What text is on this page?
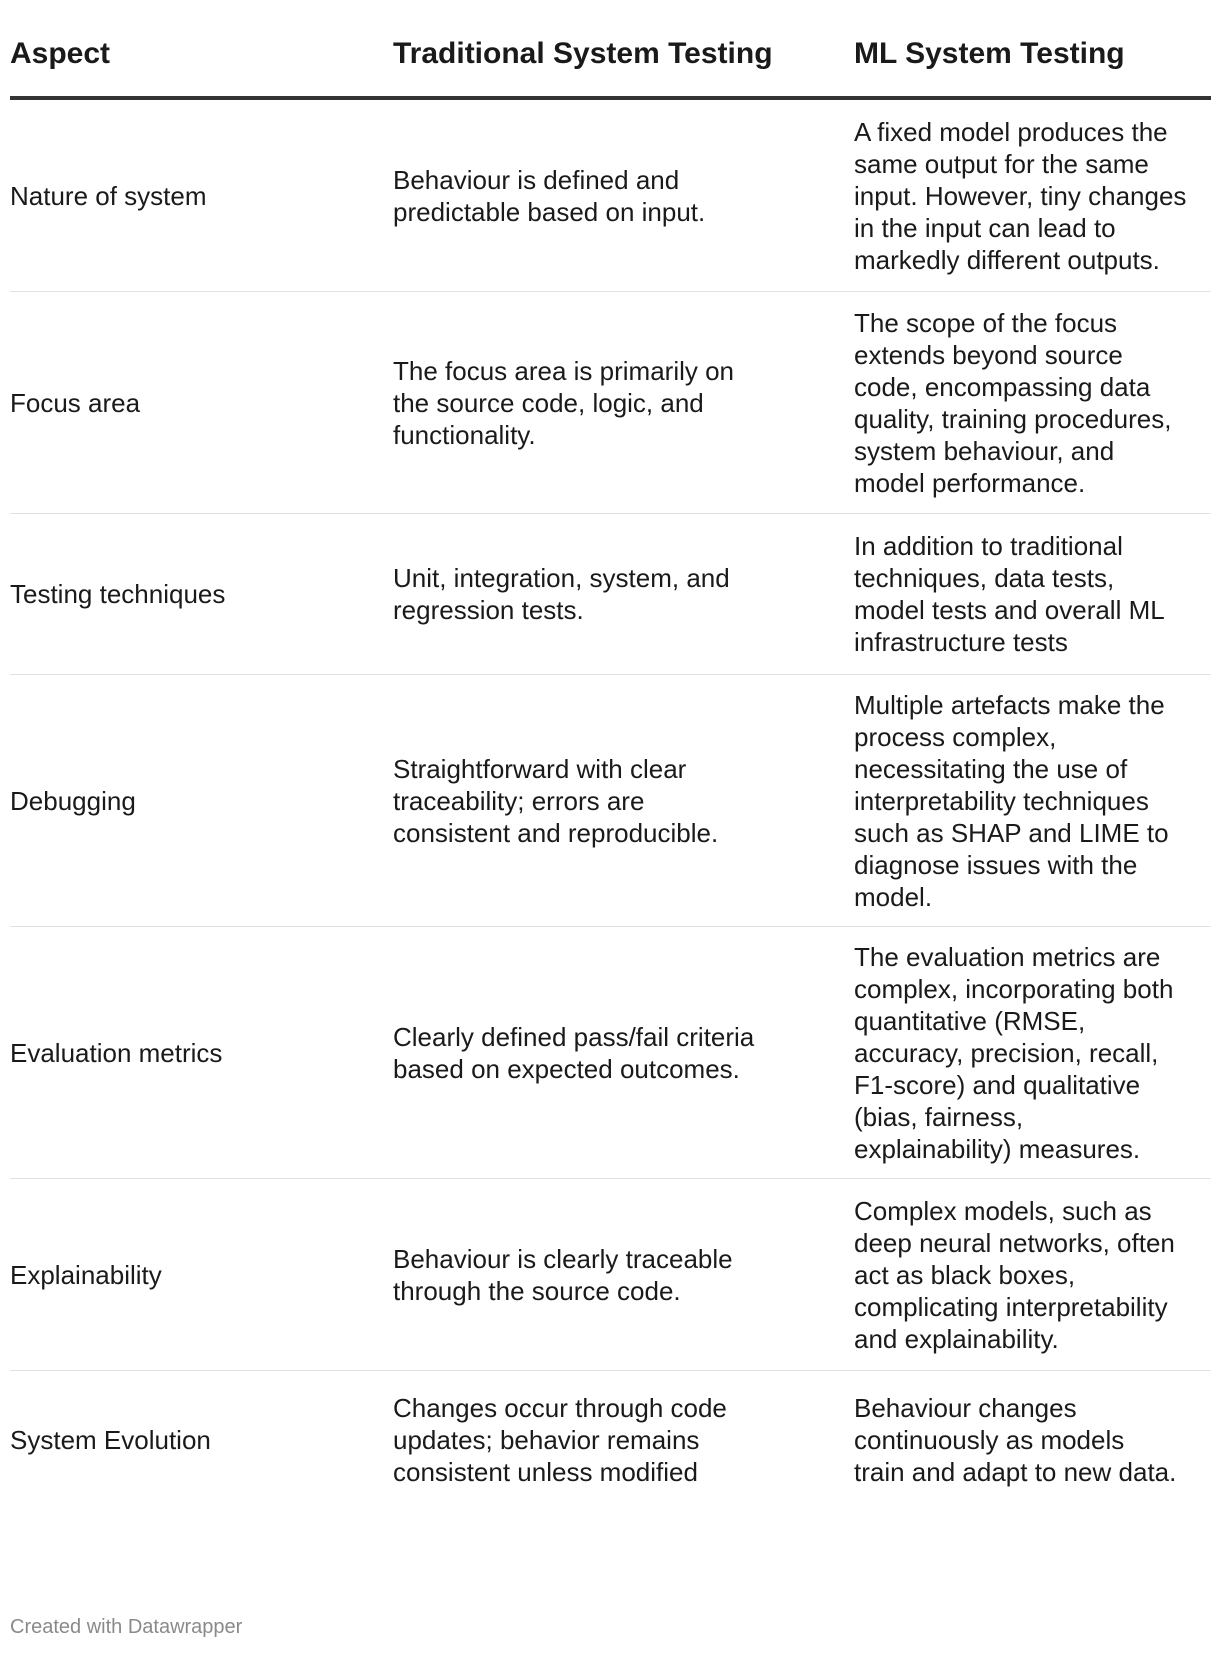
Aspect	Traditional System Testing	ML System Testing
Nature of system
Behaviour is defined and
predictable based on input.
A fixed model produces the
same output for the same
input. However, tiny changes
in the input can lead to
markedly different outputs.
Focus area
The focus area is primarily on
the source code, logic, and
functionality.
The scope of the focus
extends beyond source
code, encompassing data
quality, training procedures,
system behaviour, and
model performance.
Testing techniques
Unit, integration, system, and
regression tests.
In addition to traditional
techniques, data tests,
model tests and overall ML
infrastructure tests
Debugging
Straightforward with clear
traceability; errors are
consistent and reproducible.
Multiple artefacts make the
process complex,
necessitating the use of
interpretability techniques
such as SHAP and LIME to
diagnose issues with the
model.
Evaluation metrics
Clearly defined pass/fail criteria
based on expected outcomes.
The evaluation metrics are
complex, incorporating both
quantitative (RMSE,
accuracy, precision, recall,
F1-score) and qualitative
(bias, fairness,
explainability) measures.
Explainability
Behaviour is clearly traceable
through the source code.
Complex models, such as
deep neural networks, often
act as black boxes,
complicating interpretability
and explainability.
System Evolution
Changes occur through code
updates; behavior remains
consistent unless modified
Behaviour changes
continuously as models
train and adapt to new data.
Created with Datawrapper
